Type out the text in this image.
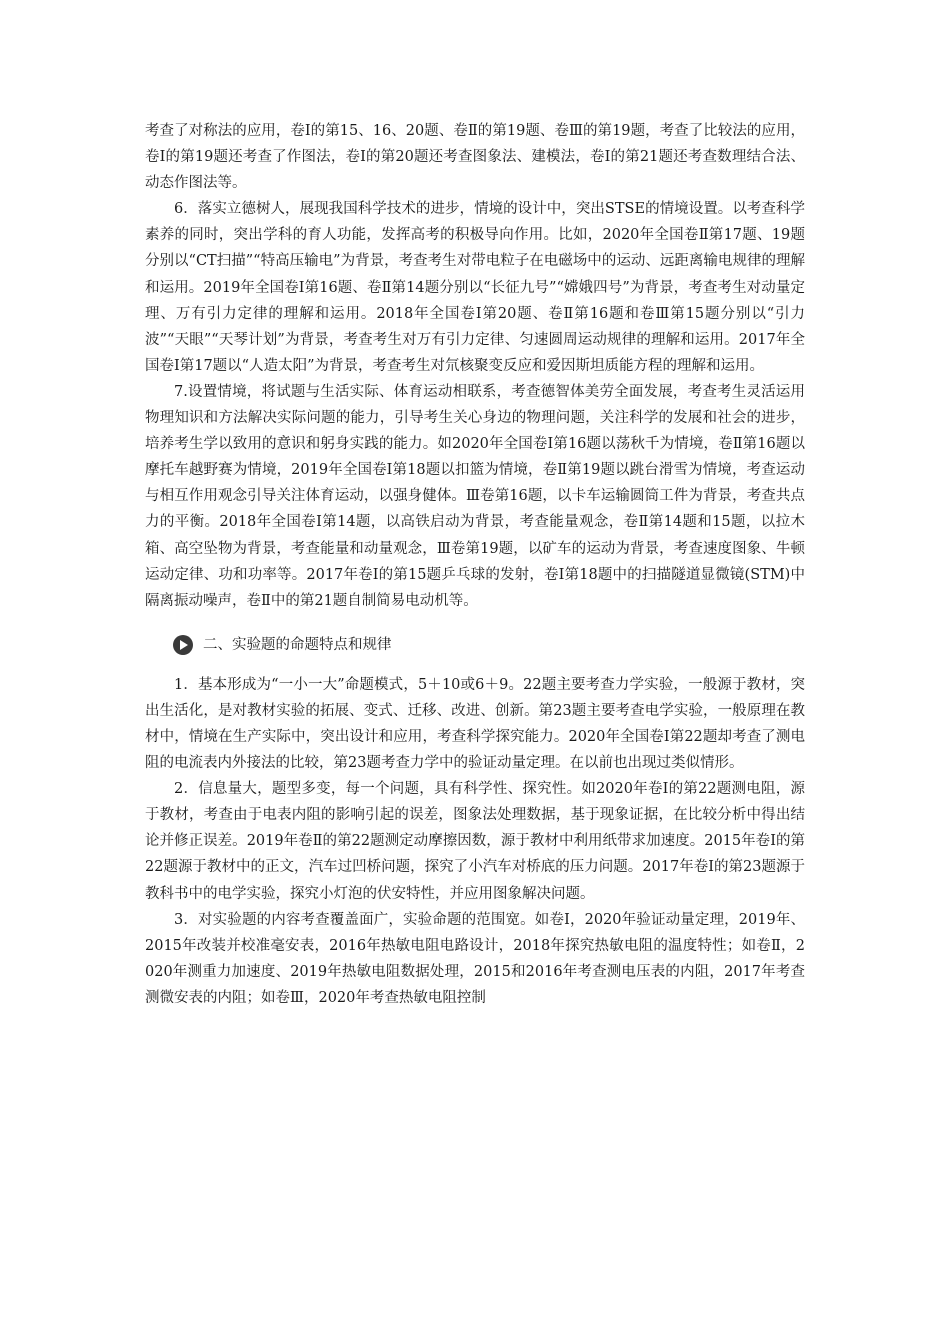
考查了对称法的应用，卷Ⅰ的第15、16、20题、卷Ⅱ的第19题、卷Ⅲ的第19题，考查了比较法的应用，卷Ⅰ的第19题还考查了作图法，卷Ⅰ的第20题还考查图象法、建模法，卷Ⅰ的第21题还考查数理结合法、动态作图法等。

6．落实立德树人，展现我国科学技术的进步，情境的设计中，突出STSE的情境设置。以考查科学素养的同时，突出学科的育人功能，发挥高考的积极导向作用。比如，2020年全国卷Ⅱ第17题、19题分别以“CT扫描”“特高压输电”为背景，考查考生对带电粒子在电磁场中的运动、远距离输电规律的理解和运用。2019年全国卷Ⅰ第16题、卷Ⅱ第14题分别以“长征九号”“嫦娥四号”为背景，考查考生对动量定理、万有引力定律的理解和运用。2018年全国卷Ⅰ第20题、卷Ⅱ第16题和卷Ⅲ第15题分别以“引力波”“天眼”“天琴计划”为背景，考查考生对万有引力定律、匀速圆周运动规律的理解和运用。2017年全国卷Ⅰ第17题以“人造太阳”为背景，考查考生对氘核聚变反应和爱因斯坦质能方程的理解和运用。

7.设置情境，将试题与生活实际、体育运动相联系，考查德智体美劳全面发展，考查考生灵活运用物理知识和方法解决实际问题的能力，引导考生关心身边的物理问题，关注科学的发展和社会的进步，培养考生学以致用的意识和躬身实践的能力。如2020年全国卷Ⅰ第16题以荡秋千为情境，卷Ⅱ第16题以摩托车越野赛为情境，2019年全国卷Ⅰ第18题以扣篮为情境，卷Ⅱ第19题以跳台滑雪为情境，考查运动与相互作用观念引导关注体育运动，以强身健体。Ⅲ卷第16题，以卡车运输圆筒工件为背景，考查共点力的平衡。2018年全国卷Ⅰ第14题，以高铁启动为背景，考查能量观念，卷Ⅱ第14题和15题，以拉木箱、高空坠物为背景，考查能量和动量观念，Ⅲ卷第19题，以矿车的运动为背景，考查速度图象、牛顿运动定律、功和功率等。2017年卷Ⅰ的第15题乒乓球的发射，卷Ⅰ第18题中的扫描隧道显微镜(STM)中隔离振动噪声，卷Ⅱ中的第21题自制简易电动机等。

二、实验题的命题特点和规律

1．基本形成为“一小一大”命题模式，5＋10或6＋9。22题主要考查力学实验，一般源于教材，突出生活化，是对教材实验的拓展、变式、迁移、改进、创新。第23题主要考查电学实验，一般原理在教材中，情境在生产实际中，突出设计和应用，考查科学探究能力。2020年全国卷Ⅰ第22题却考查了测电阻的电流表内外接法的比较，第23题考查力学中的验证动量定理。在以前也出现过类似情形。

2．信息量大，题型多变，每一个问题，具有科学性、探究性。如2020年卷Ⅰ的第22题测电阻，源于教材，考查由于电表内阻的影响引起的误差，图象法处理数据，基于现象证据，在比较分析中得出结论并修正误差。2019年卷Ⅱ的第22题测定动摩擦因数，源于教材中利用纸带求加速度。2015年卷Ⅰ的第22题源于教材中的正文，汽车过凹桥问题，探究了小汽车对桥底的压力问题。2017年卷Ⅰ的第23题源于教科书中的电学实验，探究小灯泡的伏安特性，并应用图象解决问题。

3．对实验题的内容考查覆盖面广，实验命题的范围宽。如卷Ⅰ，2020年验证动量定理，2019年、2015年改装并校准毫安表，2016年热敏电阻电路设计，2018年探究热敏电阻的温度特性；如卷Ⅱ，2020年测重力加速度、2019年热敏电阻数据处理，2015和2016年考查测电压表的内阻，2017年考查测微安表的内阻；如卷Ⅲ，2020年考查热敏电阻控制
